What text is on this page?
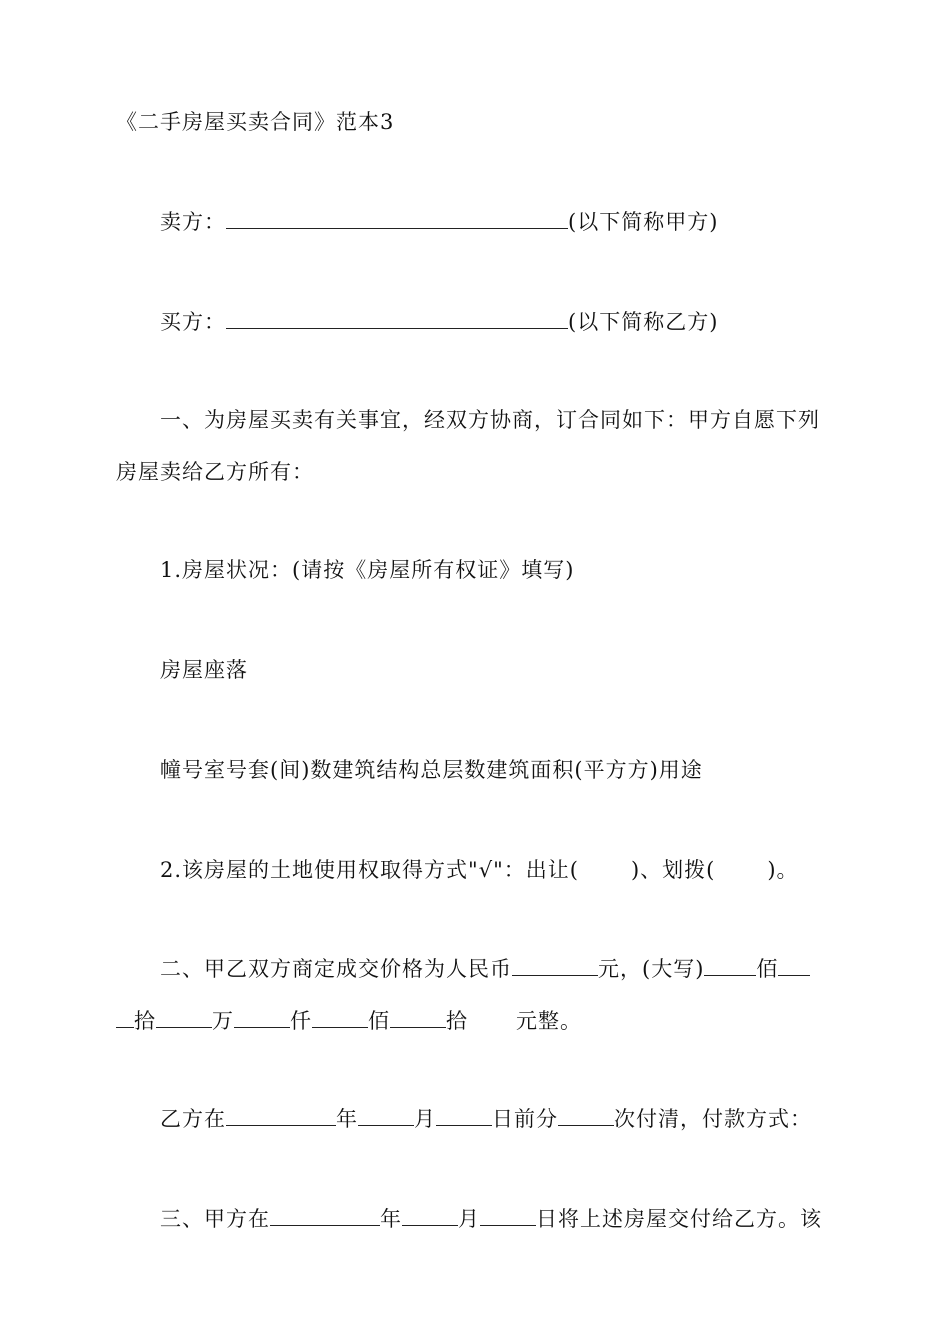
《二手房屋买卖合同》范本3
卖方：	(以下简称甲方)
买方：	(以下简称乙方)
一、为房屋买卖有关事宜，经双方协商，订合同如下：甲方自愿下列
房屋卖给乙方所有：
1.房屋状况：(请按《房屋所有权证》填写)
房屋座落
幢号室号套(间)数建筑结构总层数建筑面积(平方方)用途
2.该房屋的土地使用权取得方式"√"：出让( )、划拨( )。
二、甲乙双方商定成交价格为人民币	元，(大写) 佰
拾	万	仟	佰	拾 元整。
乙方在	年	月	日前分	次付清，付款方式：
三、甲方在	年	月	日将上述房屋交付给乙方。该
